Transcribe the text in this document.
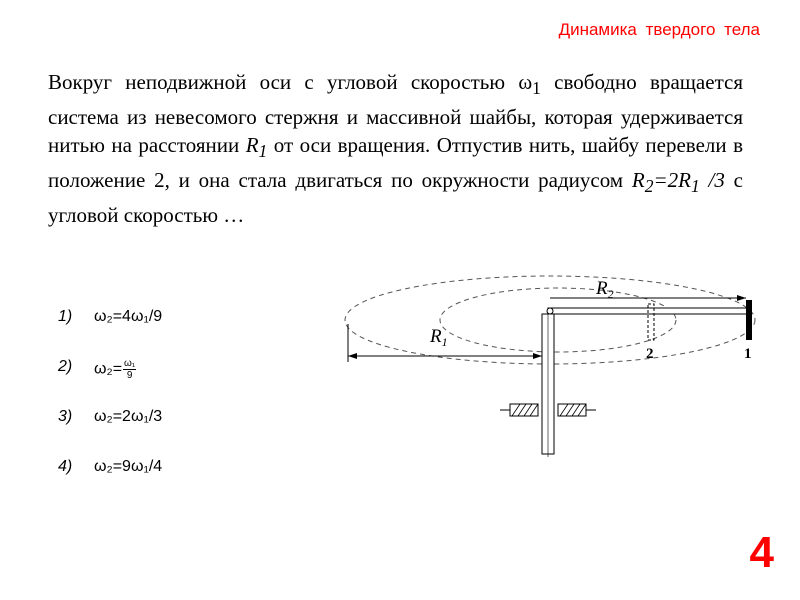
Динамика твердого тела

Вокруг неподвижной оси с угловой скоростью $\omega_1$ свободно вращается система из невесомого стержня и массивной шайбы, которая удерживается нитью на расстоянии $R_1$ от оси вращения. Отпустив нить, шайбу перевели в положение 2, и она стала двигаться по окружности радиусом $R_2=2R_1$ /3 с угловой скоростью …

1) ω₂=4ω₁/9
2) $\omega_2= \frac{\text{ω₁}}{9}$
3) ω₂=2ω₁/3
4) ω₂=9ω₁/4
$R_2$
$R_1$
2	1
4
